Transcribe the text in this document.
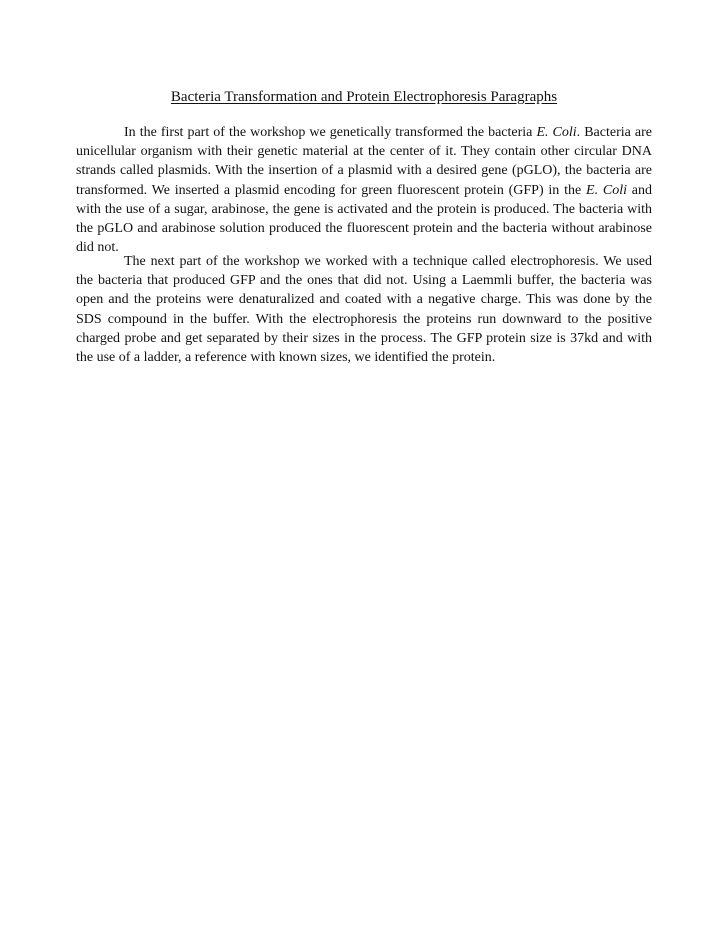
Bacteria Transformation and Protein Electrophoresis Paragraphs

In the first part of the workshop we genetically transformed the bacteria E. Coli. Bacteria are unicellular organism with their genetic material at the center of it. They contain other circular DNA strands called plasmids. With the insertion of a plasmid with a desired gene (pGLO), the bacteria are transformed. We inserted a plasmid encoding for green fluorescent protein (GFP) in the E. Coli and with the use of a sugar, arabinose, the gene is activated and the protein is produced. The bacteria with the pGLO and arabinose solution produced the fluorescent protein and the bacteria without arabinose did not.

The next part of the workshop we worked with a technique called electrophoresis. We used the bacteria that produced GFP and the ones that did not. Using a Laemmli buffer, the bacteria was open and the proteins were denaturalized and coated with a negative charge. This was done by the SDS compound in the buffer. With the electrophoresis the proteins run downward to the positive charged probe and get separated by their sizes in the process. The GFP protein size is 37kd and with the use of a ladder, a reference with known sizes, we identified the protein.
